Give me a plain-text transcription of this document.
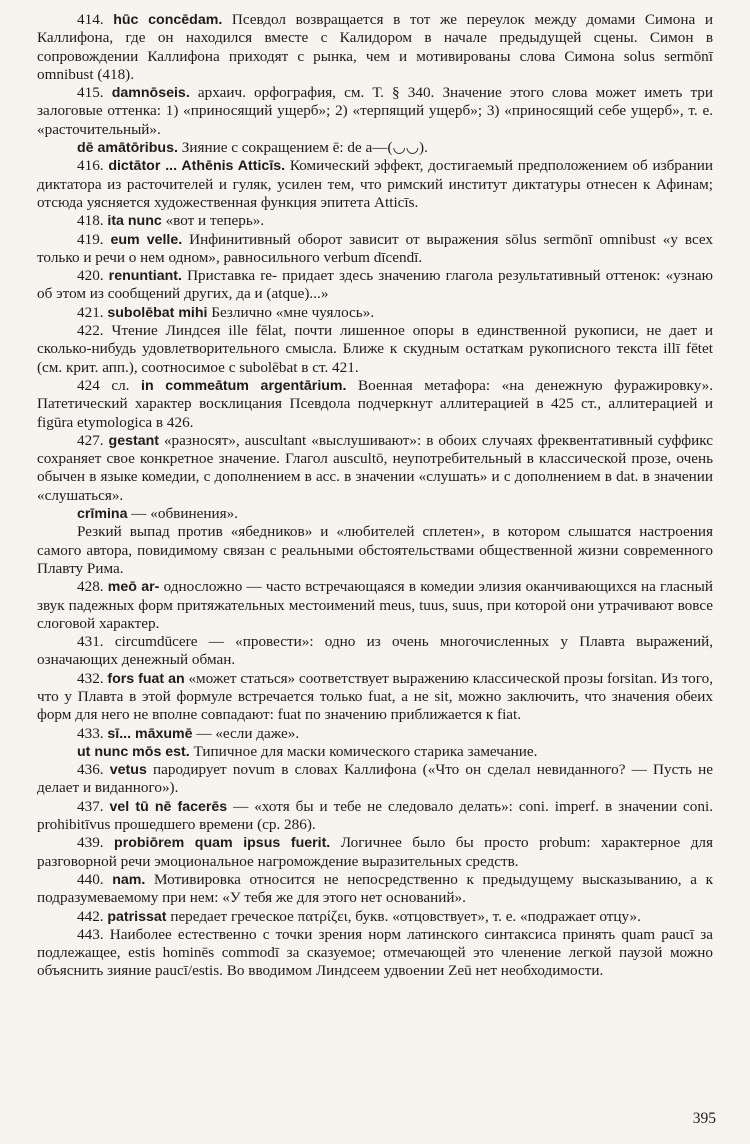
414. hūc concēdam. Псевдол возвращается в тот же переулок между домами Симона и Каллифона, где он находился вместе с Калидором в начале предыдущей сцены. Симон в сопровождении Каллифона приходят с рынка, чем и мотивированы слова Симона solus sermōnī omnibust (418).

415. damnōseis. архаич. орфография, см. Т. § 340. Значение этого слова может иметь три залоговые оттенка: 1) «приносящий ущерб»; 2) «терпящий ущерб»; 3) «приносящий себе ущерб», т. е. «расточительный».

dē amātōribus. Зияние с сокращением ē: de a—(◡◡).

416. dictātor ... Athēnis Atticīs. Комический эффект, достигаемый предположением об избрании диктатора из расточителей и гуляк, усилен тем, что римский институт диктатуры отнесен к Афинам; отсюда уясняется художественная функция эпитета Atticīs.

418. ita nunc «вот и теперь».

419. eum velle. Инфинитивный оборот зависит от выражения sōlus sermōnī omnibust «у всех только и речи о нем одном», равносильного verbum dīcendī.

420. renuntiant. Приставка re- придает здесь значению глагола результативный оттенок: «узнаю об этом из сообщений других, да и (atque)...»

421. subolēbat mihi Безлично «мне чуялось».

422. Чтение Линдсея ille fēlat, почти лишенное опоры в единственной рукописи, не дает и сколько-нибудь удовлетворительного смысла. Ближе к скудным остаткам рукописного текста illī fētet (см. крит. апп.), соотносимое с subolēbat в ст. 421.

424 сл. in commeātum argentārium. Военная метафора: «на денежную фуражировку». Патетический характер восклицания Псевдола подчеркнут аллитерацией в 425 ст., аллитерацией и figūra etymologica в 426.

427. gestant «разносят», auscultant «выслушивают»: в обоих случаях фреквентативный суффикс сохраняет свое конкретное значение. Глагол auscultō, неупотребительный в классической прозе, очень обычен в языке комедии, с дополнением в acc. в значении «слушать» и с дополнением в dat. в значении «слушаться».

crīmina — «обвинения».

Резкий выпад против «ябедников» и «любителей сплетен», в котором слышатся настроения самого автора, повидимому связан с реальными обстоятельствами общественной жизни современного Плавту Рима.

428. meō ar- односложно — часто встречающаяся в комедии элизия оканчивающихся на гласный звук падежных форм притяжательных местоимений meus, tuus, suus, при которой они утрачивают вовсе слоговой характер.

431. circumdūcere — «провести»: одно из очень многочисленных у Плавта выражений, означающих денежный обман.

432. fors fuat an «может статься» соответствует выражению классической прозы forsitan. Из того, что у Плавта в этой формуле встречается только fuat, а не sit, можно заключить, что значения обеих форм для него не вполне совпадают: fuat по значению приближается к fiat.

433. sī... māxumē — «если даже».

ut nunc mōs est. Типичное для маски комического старика замечание.

436. vetus пародирует novum в словах Каллифона («Что он сделал невиданного? — Пусть не делает и виданного»).

437. vel tū nē facerēs — «хотя бы и тебе не следовало делать»: coni. imperf. в значении coni. prohibitīvus прошедшего времени (ср. 286).

439. probiōrem quam ipsus fuerit. Логичнее было бы просто probum: характерное для разговорной речи эмоциональное нагромождение выразительных средств.

440. nam. Мотивировка относится не непосредственно к предыдущему высказыванию, а к подразумеваемому при нем: «У тебя же для этого нет оснований».

442. patrissat передает греческое πατρίζει, букв. «отцовствует», т. е. «подражает отцу».

443. Наиболее естественно с точки зрения норм латинского синтаксиса принять quam paucī за подлежащее, estis hominēs commodī за сказуемое; отмечающей это членение легкой паузой можно объяснить зияние paucī/estis. Во вводимом Линдсеем удвоении Zeū нет необходимости.

395
